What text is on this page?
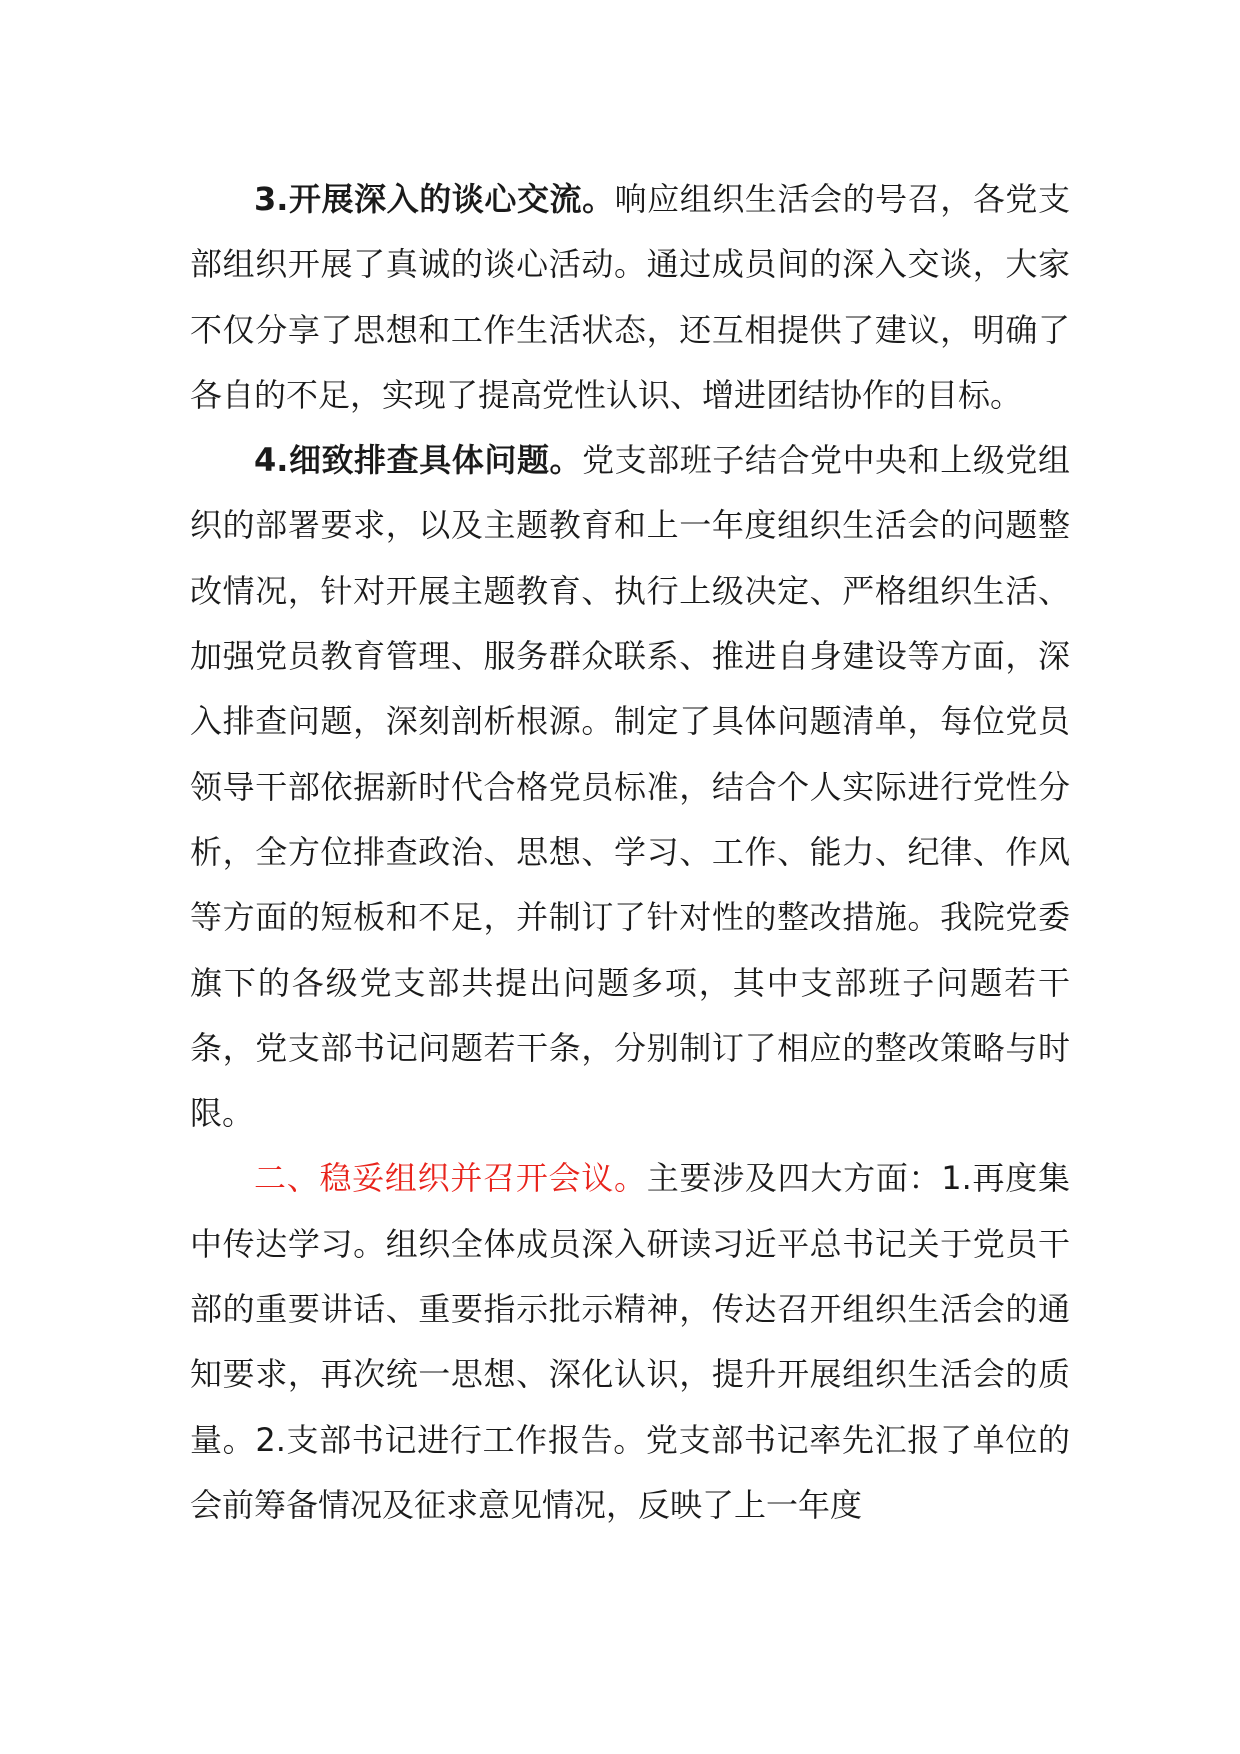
3.开展深入的谈心交流。响应组织生活会的号召，各党支部组织开展了真诚的谈心活动。通过成员间的深入交谈，大家不仅分享了思想和工作生活状态，还互相提供了建议，明确了各自的不足，实现了提高党性认识、增进团结协作的目标。

4.细致排查具体问题。党支部班子结合党中央和上级党组织的部署要求，以及主题教育和上一年度组织生活会的问题整改情况，针对开展主题教育、执行上级决定、严格组织生活、加强党员教育管理、服务群众联系、推进自身建设等方面，深入排查问题，深刻剖析根源。制定了具体问题清单，每位党员领导干部依据新时代合格党员标准，结合个人实际进行党性分析，全方位排查政治、思想、学习、工作、能力、纪律、作风等方面的短板和不足，并制订了针对性的整改措施。我院党委旗下的各级党支部共提出问题多项，其中支部班子问题若干条，党支部书记问题若干条，分别制订了相应的整改策略与时限。

二、稳妥组织并召开会议。主要涉及四大方面：1.再度集中传达学习。组织全体成员深入研读习近平总书记关于党员干部的重要讲话、重要指示批示精神，传达召开组织生活会的通知要求，再次统一思想、深化认识，提升开展组织生活会的质量。2.支部书记进行工作报告。党支部书记率先汇报了单位的会前筹备情况及征求意见情况，反映了上一年度
